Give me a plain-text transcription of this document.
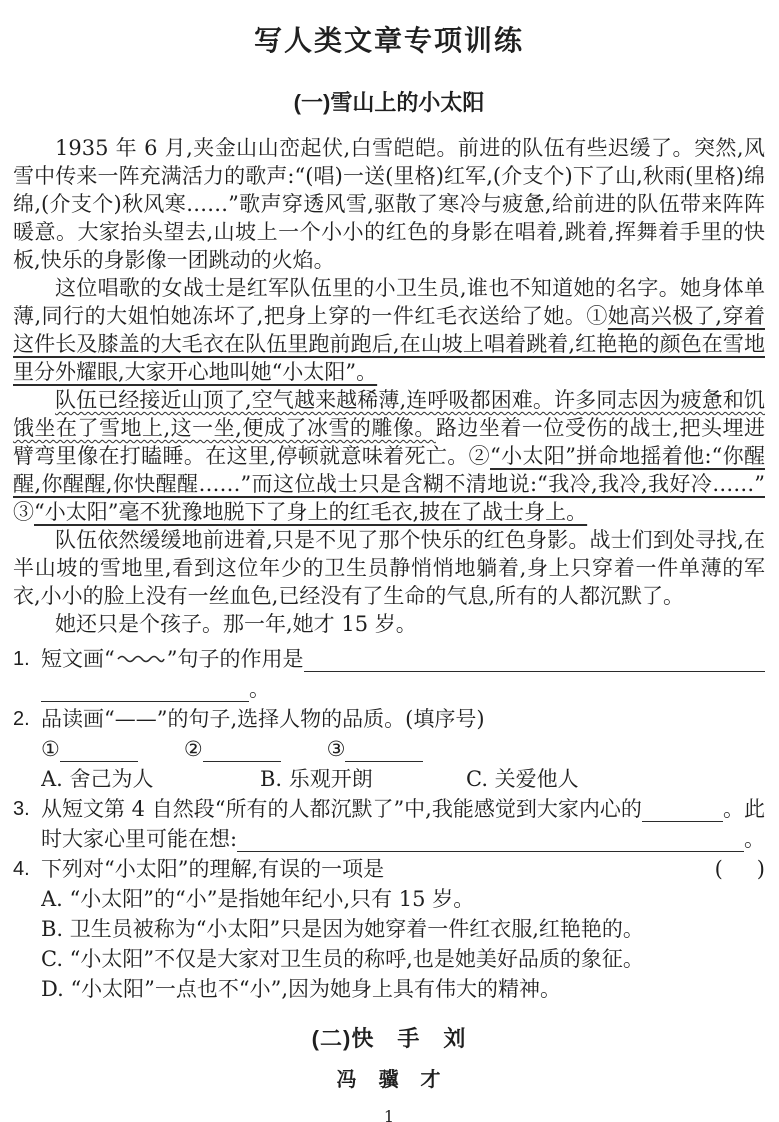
写人类文章专项训练
(一)雪山上的小太阳

1935 年 6 月,夹金山山峦起伏,白雪皑皑。前进的队伍有些迟缓了。突然,风雪中传来一阵充满活力的歌声:“(唱)一送(里格)红军,(介支个)下了山,秋雨(里格)绵绵,(介支个)秋风寒……”歌声穿透风雪,驱散了寒冷与疲惫,给前进的队伍带来阵阵暖意。大家抬头望去,山坡上一个小小的红色的身影在唱着,跳着,挥舞着手里的快板,快乐的身影像一团跳动的火焰。

这位唱歌的女战士是红军队伍里的小卫生员,谁也不知道她的名字。她身体单薄,同行的大姐怕她冻坏了,把身上穿的一件红毛衣送给了她。①她高兴极了,穿着这件长及膝盖的大毛衣在队伍里跑前跑后,在山坡上唱着跳着,红艳艳的颜色在雪地里分外耀眼,大家开心地叫她“小太阳”。

队伍已经接近山顶了,空气越来越稀薄,连呼吸都困难。许多同志因为疲惫和饥饿坐在了雪地上,这一坐,便成了冰雪的雕像。路边坐着一位受伤的战士,把头埋进臂弯里像在打瞌睡。在这里,停顿就意味着死亡。②“小太阳”拼命地摇着他:“你醒醒,你醒醒,你快醒醒……”而这位战士只是含糊不清地说:“我冷,我冷,我好冷……”③“小太阳”毫不犹豫地脱下了身上的红毛衣,披在了战士身上。

队伍依然缓缓地前进着,只是不见了那个快乐的红色身影。战士们到处寻找,在半山坡的雪地里,看到这位年少的卫生员静悄悄地躺着,身上只穿着一件单薄的军衣,小小的脸上没有一丝血色,已经没有了生命的气息,所有的人都沉默了。

她还只是个孩子。那一年,她才 15 岁。

1. 短文画“ ”句子的作用是
。
2. 品读画“——”的句子,选择人物的品质。(填序号)
①	②	③
A. 舍己为人	B. 乐观开朗	C. 关爱他人
3. 从短文第 4 自然段“所有的人都沉默了”中,我能感觉到大家内心的	。此
时大家心里可能在想:	。
4. 下列对“小太阳”的理解,有误的一项是	( )
A. “小太阳”的“小”是指她年纪小,只有 15 岁。
B. 卫生员被称为“小太阳”只是因为她穿着一件红衣服,红艳艳的。
C. “小太阳”不仅是大家对卫生员的称呼,也是她美好品质的象征。
D. “小太阳”一点也不“小”,因为她身上具有伟大的精神。
(二)快　手　刘
冯　骥　才
1
